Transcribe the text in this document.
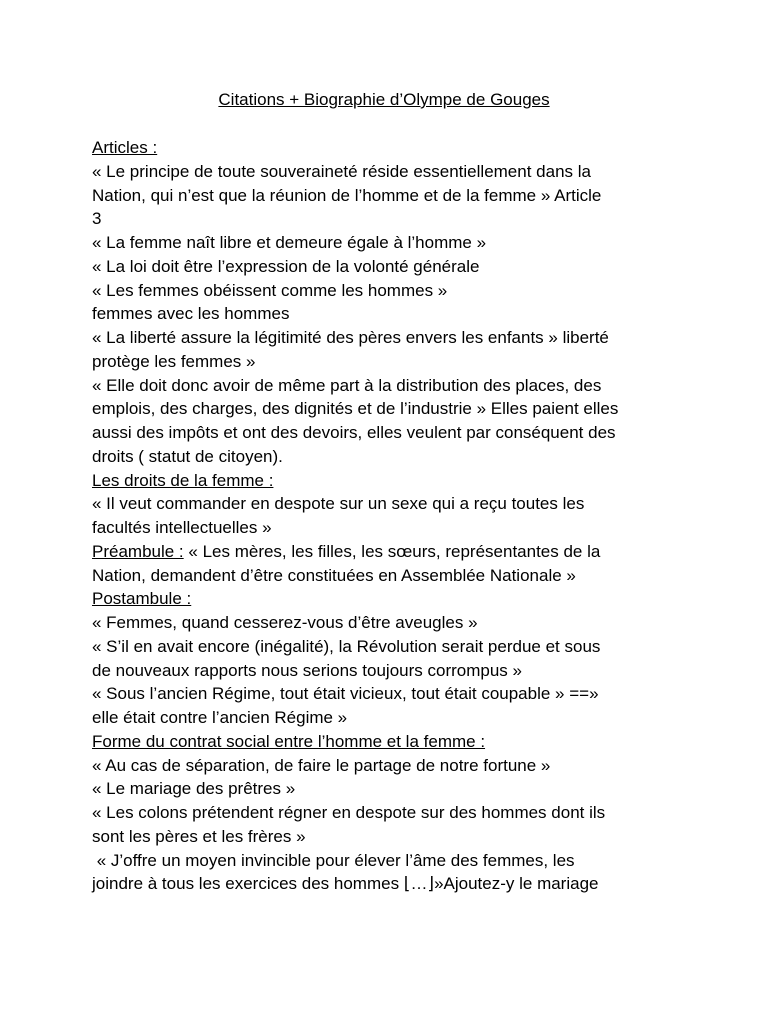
Citations + Biographie d’Olympe de Gouges
Articles :
« Le principe de toute souveraineté réside essentiellement dans la
Nation, qui n’est que la réunion de l’homme et de la femme » Article
3
« La femme naît libre et demeure égale à l’homme »
« La loi doit être l’expression de la volonté générale
« Les femmes obéissent comme les hommes »
femmes avec les hommes
« La liberté assure la légitimité des pères envers les enfants » liberté
protège les femmes »
« Elle doit donc avoir de même part à la distribution des places, des
emplois, des charges, des dignités et de l’industrie » Elles paient elles
aussi des impôts et ont des devoirs, elles veulent par conséquent des
droits ( statut de citoyen).
Les droits de la femme :
« Il veut commander en despote sur un sexe qui a reçu toutes les
facultés intellectuelles »
Préambule : « Les mères, les filles, les sœurs, représentantes de la
Nation, demandent d’être constituées en Assemblée Nationale »
Postambule :
« Femmes, quand cesserez-vous d’être aveugles »
« S’il en avait encore (inégalité), la Révolution serait perdue et sous
de nouveaux rapports nous serions toujours corrompus »
« Sous l’ancien Régime, tout était vicieux, tout était coupable » ==»
elle était contre l’ancien Régime »
Forme du contrat social entre l’homme et la femme :
« Au cas de séparation, de faire le partage de notre fortune »
« Le mariage des prêtres »
« Les colons prétendent régner en despote sur des hommes dont ils
sont les pères et les frères »
« J’offre un moyen invincible pour élever l’âme des femmes, les
joindre à tous les exercices des hommes ⌊…⌋»Ajoutez-y le mariage
